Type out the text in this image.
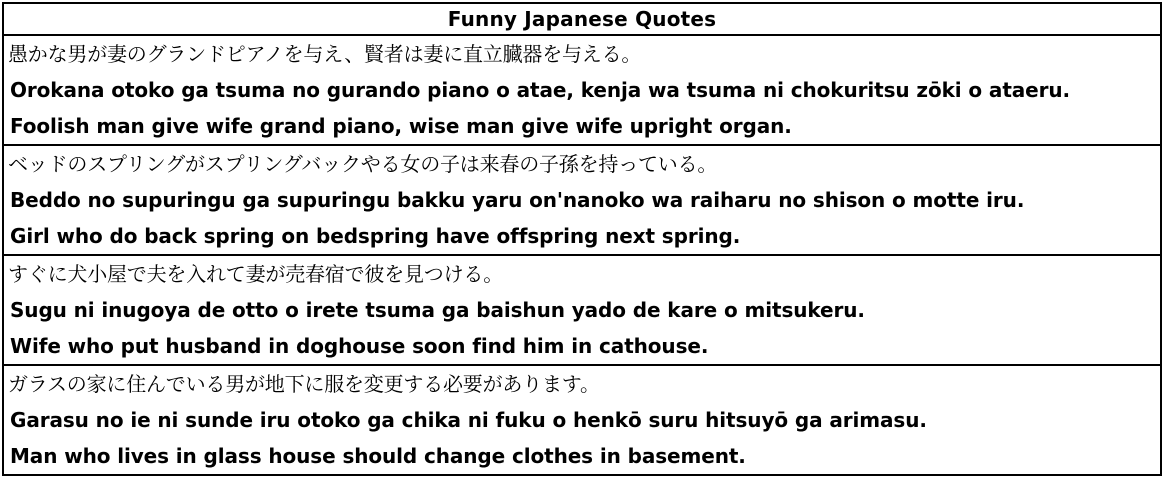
Funny Japanese Quotes
愚かな男が妻のグランドピアノを与え、賢者は妻に直立臓器を与える。
Orokana otoko ga tsuma no gurando piano o atae, kenja wa tsuma ni chokuritsu zōki o ataeru.
Foolish man give wife grand piano, wise man give wife upright organ.
ベッドのスプリングがスプリングバックやる女の子は来春の子孫を持っている。
Beddo no supuringu ga supuringu bakku yaru on'nanoko wa raiharu no shison o motte iru.
Girl who do back spring on bedspring have offspring next spring.
すぐに犬小屋で夫を入れて妻が売春宿で彼を見つける。
Sugu ni inugoya de otto o irete tsuma ga baishun yado de kare o mitsukeru.
Wife who put husband in doghouse soon find him in cathouse.
ガラスの家に住んでいる男が地下に服を変更する必要があります。
Garasu no ie ni sunde iru otoko ga chika ni fuku o henkō suru hitsuyō ga arimasu.
Man who lives in glass house should change clothes in basement.
